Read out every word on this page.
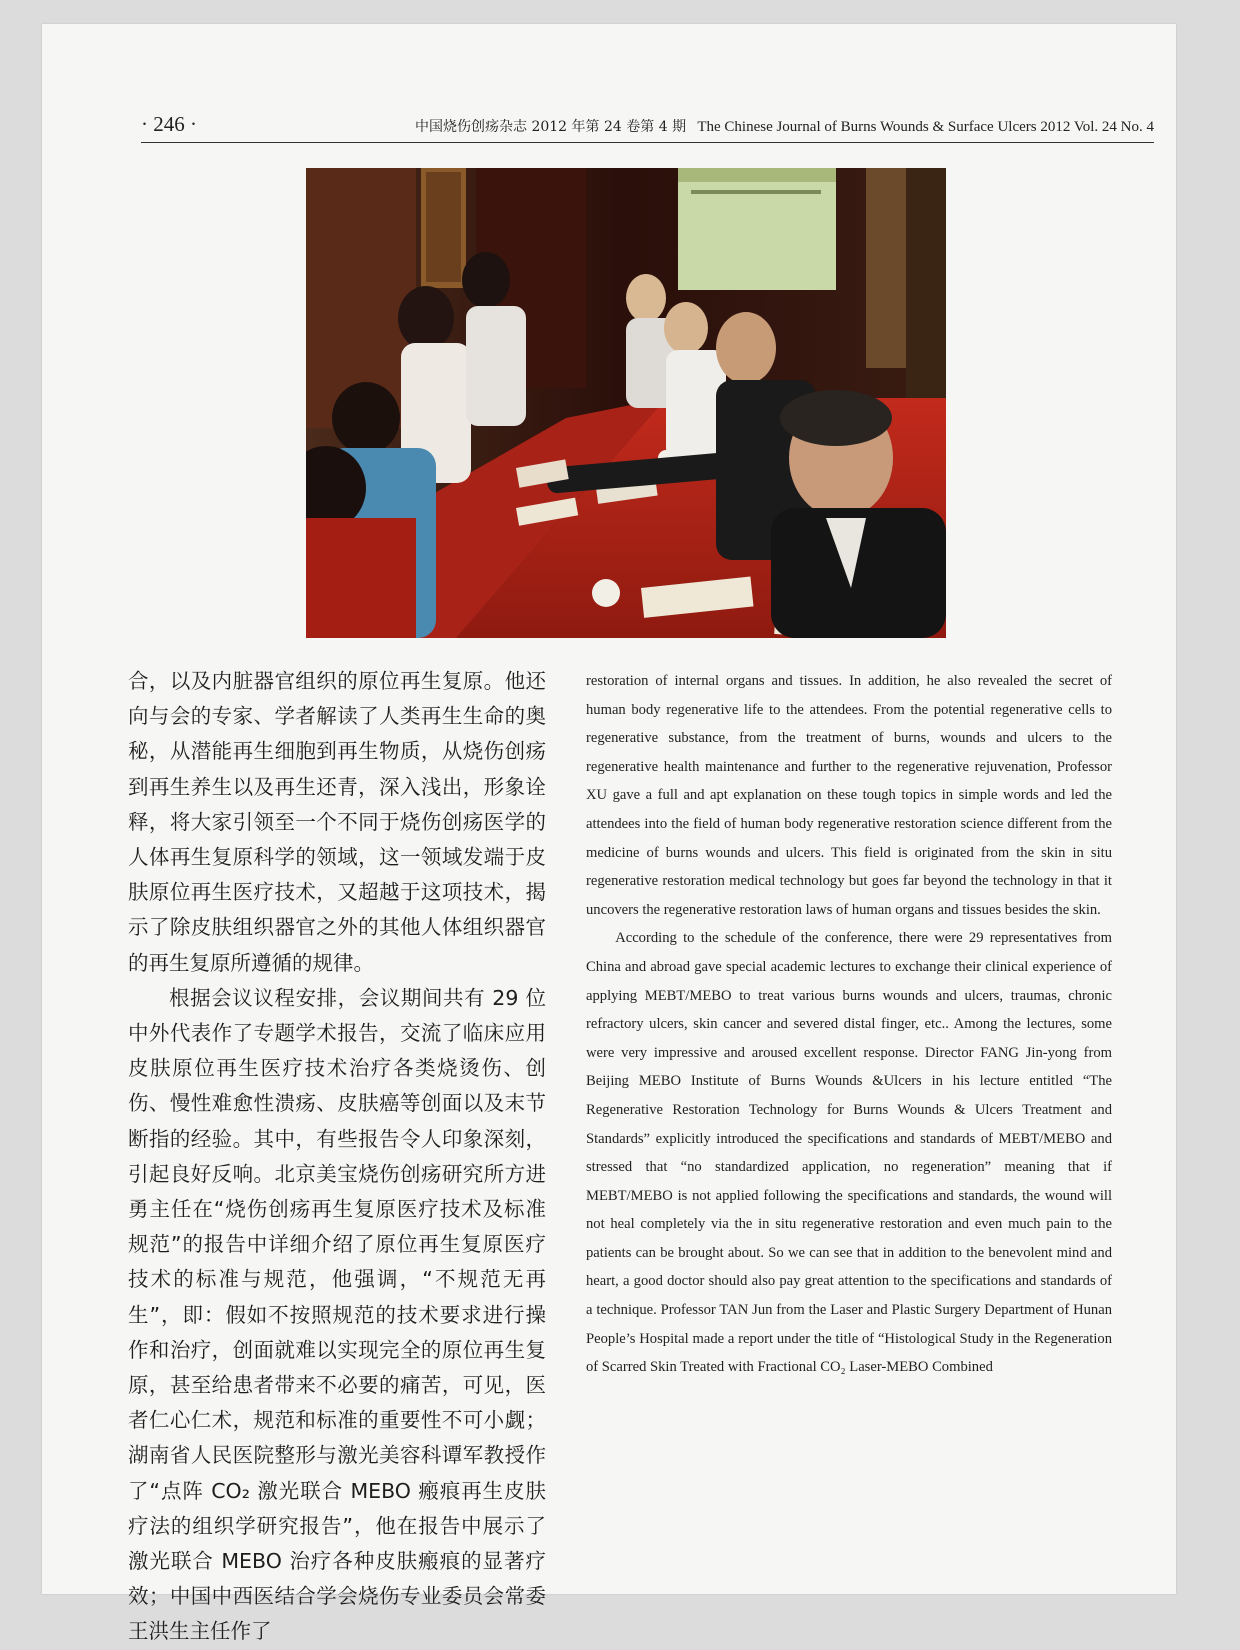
· 246 ·	中国烧伤创疡杂志 2012 年第 24 卷第 4 期 The Chinese Journal of Burns Wounds & Surface Ulcers 2012 Vol. 24 No. 4

合，以及内脏器官组织的原位再生复原。他还向与会的专家、学者解读了人类再生生命的奥秘，从潜能再生细胞到再生物质，从烧伤创疡到再生养生以及再生还青，深入浅出，形象诠释，将大家引领至一个不同于烧伤创疡医学的人体再生复原科学的领域，这一领域发端于皮肤原位再生医疗技术，又超越于这项技术，揭示了除皮肤组织器官之外的其他人体组织器官的再生复原所遵循的规律。

根据会议议程安排，会议期间共有 29 位中外代表作了专题学术报告，交流了临床应用皮肤原位再生医疗技术治疗各类烧烫伤、创伤、慢性难愈性溃疡、皮肤癌等创面以及末节断指的经验。其中，有些报告令人印象深刻，引起良好反响。北京美宝烧伤创疡研究所方进勇主任在“烧伤创疡再生复原医疗技术及标准规范”的报告中详细介绍了原位再生复原医疗技术的标准与规范，他强调，“不规范无再生”，即：假如不按照规范的技术要求进行操作和治疗，创面就难以实现完全的原位再生复原，甚至给患者带来不必要的痛苦，可见，医者仁心仁术，规范和标准的重要性不可小觑；湖南省人民医院整形与激光美容科谭军教授作了“点阵 CO₂ 激光联合 MEBO 瘢痕再生皮肤疗法的组织学研究报告”，他在报告中展示了激光联合 MEBO 治疗各种皮肤瘢痕的显著疗效；中国中西医结合学会烧伤专业委员会常委王洪生主任作了

restoration of internal organs and tissues. In addition, he also revealed the secret of human body regenerative life to the attendees. From the potential regenerative cells to regenerative substance, from the treatment of burns, wounds and ulcers to the regenerative health maintenance and further to the regenerative rejuvenation, Professor XU gave a full and apt explanation on these tough topics in simple words and led the attendees into the field of human body regenerative restoration science different from the medicine of burns wounds and ulcers. This field is originated from the skin in situ regenerative restoration medical technology but goes far beyond the technology in that it uncovers the regenerative restoration laws of human organs and tissues besides the skin.

According to the schedule of the conference, there were 29 representatives from China and abroad gave special academic lectures to exchange their clinical experience of applying MEBT/MEBO to treat various burns wounds and ulcers, traumas, chronic refractory ulcers, skin cancer and severed distal finger, etc.. Among the lectures, some were very impressive and aroused excellent response. Director FANG Jin-yong from Beijing MEBO Institute of Burns Wounds &Ulcers in his lecture entitled “The Regenerative Restoration Technology for Burns Wounds & Ulcers Treatment and Standards” explicitly introduced the specifications and standards of MEBT/MEBO and stressed that “no standardized application, no regeneration” meaning that if MEBT/MEBO is not applied following the specifications and standards, the wound will not heal completely via the in situ regenerative restoration and even much pain to the patients can be brought about. So we can see that in addition to the benevolent mind and heart, a good doctor should also pay great attention to the specifications and standards of a technique. Professor TAN Jun from the Laser and Plastic Surgery Department of Hunan People’s Hospital made a report under the title of “Histological Study in the Regeneration of Scarred Skin Treated with Fractional CO₂ Laser-MEBO Combined
